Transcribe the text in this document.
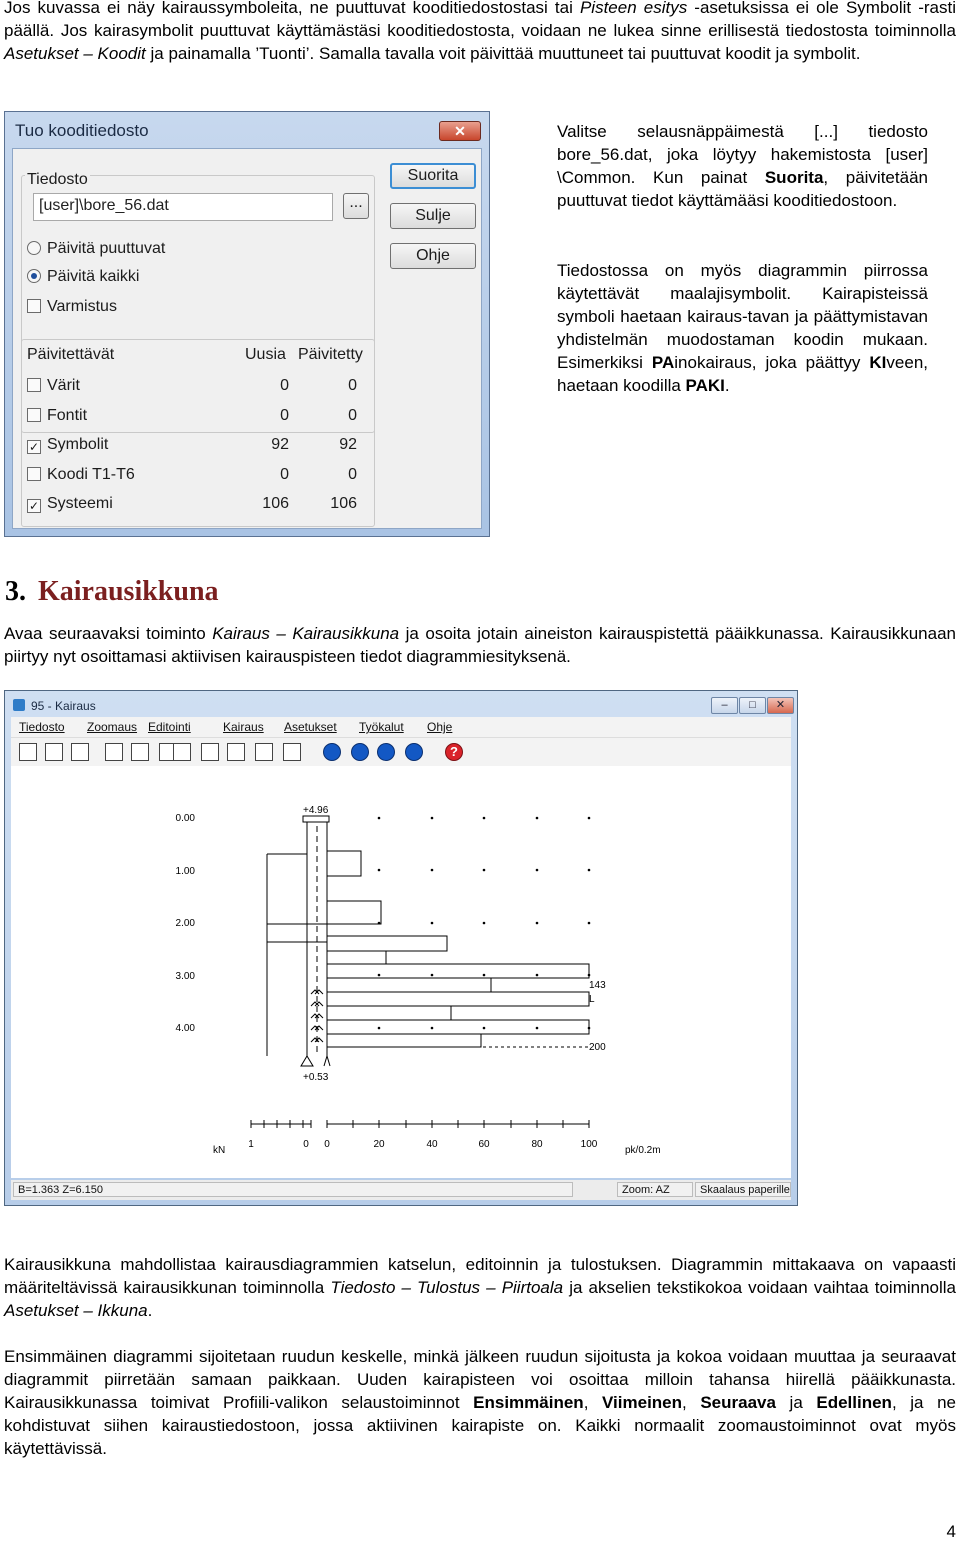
Jos kuvassa ei näy kairaussymboleita, ne puuttuvat kooditiedostostasi tai Pisteen esitys -asetuksissa ei ole Symbolit -rasti päällä. Jos kairasymbolit puuttuvat käyttämästäsi kooditiedostosta, voidaan ne lukea sinne erillisestä tiedostosta toiminnolla Asetukset – Koodit ja painamalla ’Tuonti’. Samalla tavalla voit päivittää muuttuneet tai puuttuvat koodit ja symbolit.
Tuo kooditiedosto	✕
Tiedosto
[user]\bore_56.dat	...
Päivitä puuttuvat
Päivitä kaikki
Varmistus
Suorita
Sulje
Ohje
Päivitettävät	Uusia Päivitetty
Värit	0	0
Fontit	0	0
✓ Symbolit	92	92
Koodi T1-T6	0	0
✓ Systeemi	106	106
Valitse selausnäppäimestä [...] tiedosto bore_56.dat, joka löytyy hakemistosta [user] \Common. Kun painat Suorita, päivitetään puuttuvat tiedot käyttämääsi kooditiedostoon.
Tiedostossa on myös diagrammin piirrossa käytettävät maalajisymbolit. Kairapisteissä symboli haetaan kairaus-tavan ja päättymistavan yhdistelmän muodostaman koodin mukaan. Esimerkiksi PAinokairaus, joka päättyy KIveen, haetaan koodilla PAKI.
3. Kairausikkuna
Avaa seuraavaksi toiminto Kairaus – Kairausikkuna ja osoita jotain aineiston kairauspistettä pääikkunassa. Kairausikkunaan piirtyy nyt osoittamasi aktiivisen kairauspisteen tiedot diagrammiesityksenä.
95 - Kairaus	–	□	✕
Tiedosto Zoomaus Editointi	Kairaus Asetukset Työkalut Ohje
?
0.00
1.00
2.00
3.00
4.00
+4.96
+0.53
143
L
200
kN
1	0 0	20	40	60	80	100
pk/0.2m
B=1.363 Z=6.150	Zoom: AZ	Skaalaus paperille
Kairausikkuna mahdollistaa kairausdiagrammien katselun, editoinnin ja tulostuksen. Diagrammin mittakaava on vapaasti määriteltävissä kairausikkunan toiminnolla Tiedosto – Tulostus – Piirtoala ja akselien tekstikokoa voidaan vaihtaa toiminnolla Asetukset – Ikkuna.
Ensimmäinen diagrammi sijoitetaan ruudun keskelle, minkä jälkeen ruudun sijoitusta ja kokoa voidaan muuttaa ja seuraavat diagrammit piirretään samaan paikkaan. Uuden kairapisteen voi osoittaa milloin tahansa hiirellä pääikkunasta. Kairausikkunassa toimivat Profiili-valikon selaustoiminnot Ensimmäinen, Viimeinen, Seuraava ja Edellinen, ja ne kohdistuvat siihen kairaustiedostoon, jossa aktiivinen kairapiste on. Kaikki normaalit zoomaustoiminnot ovat myös käytettävissä.
4
